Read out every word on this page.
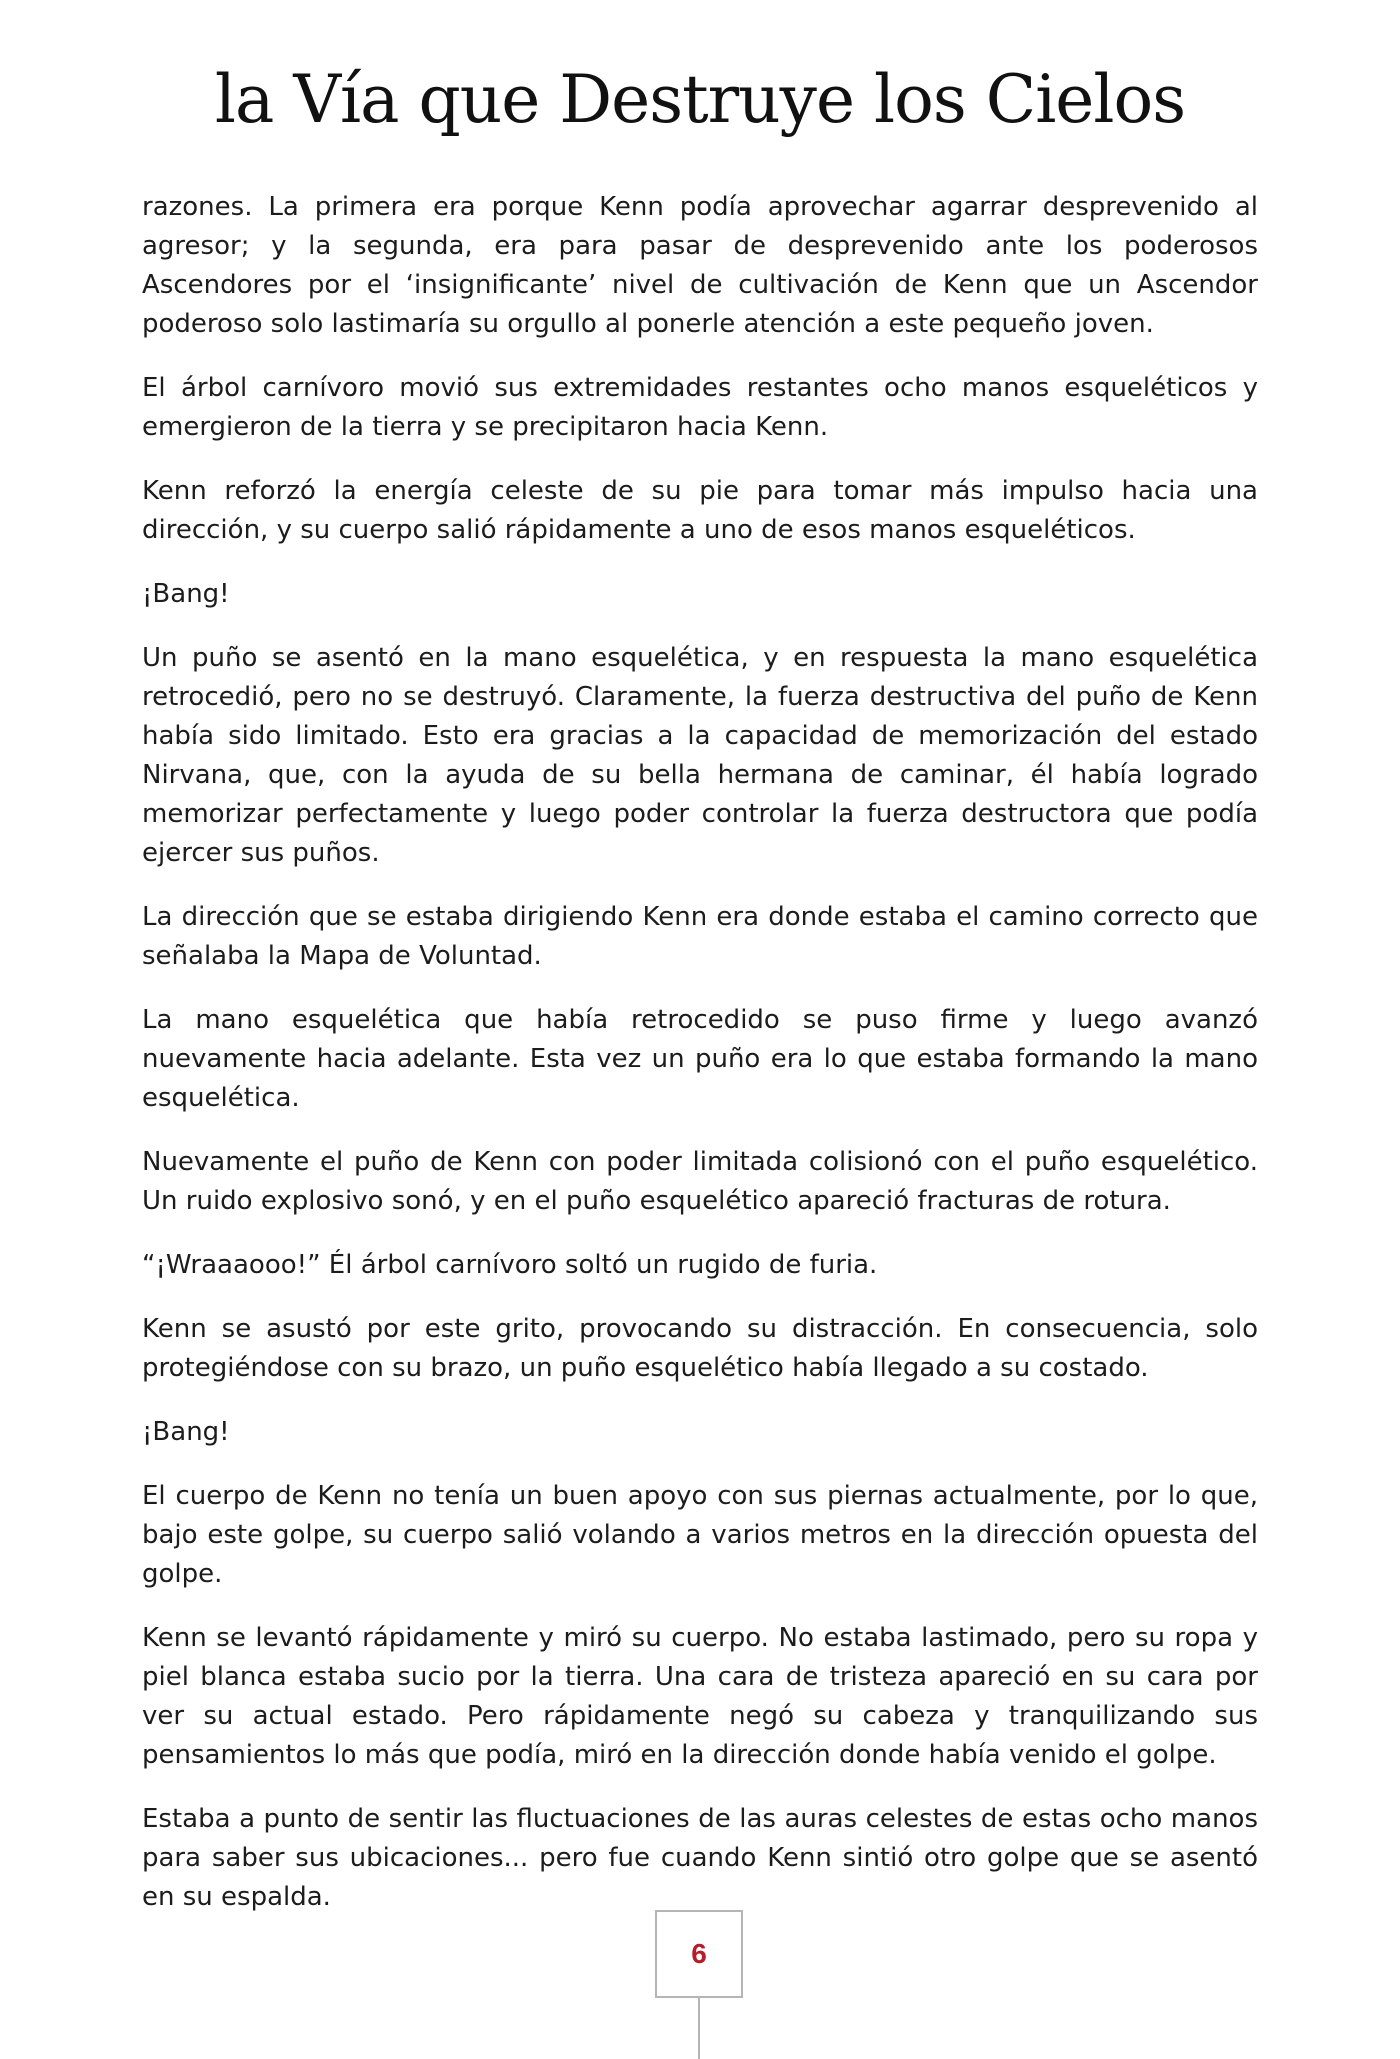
la Vía que Destruye los Cielos

razones. La primera era porque Kenn podía aprovechar agarrar desprevenido al agresor; y la segunda, era para pasar de desprevenido ante los poderosos Ascendores por el ‘insignificante’ nivel de cultivación de Kenn que un Ascendor poderoso solo lastimaría su orgullo al ponerle atención a este pequeño joven.

El árbol carnívoro movió sus extremidades restantes ocho manos esqueléticos y emergieron de la tierra y se precipitaron hacia Kenn.

Kenn reforzó la energía celeste de su pie para tomar más impulso hacia una dirección, y su cuerpo salió rápidamente a uno de esos manos esqueléticos.

¡Bang!

Un puño se asentó en la mano esquelética, y en respuesta la mano esquelética retrocedió, pero no se destruyó. Claramente, la fuerza destructiva del puño de Kenn había sido limitado. Esto era gracias a la capacidad de memorización del estado Nirvana, que, con la ayuda de su bella hermana de caminar, él había logrado memorizar perfectamente y luego poder controlar la fuerza destructora que podía ejercer sus puños.

La dirección que se estaba dirigiendo Kenn era donde estaba el camino correcto que señalaba la Mapa de Voluntad.

La mano esquelética que había retrocedido se puso firme y luego avanzó nuevamente hacia adelante. Esta vez un puño era lo que estaba formando la mano esquelética.

Nuevamente el puño de Kenn con poder limitada colisionó con el puño esquelético. Un ruido explosivo sonó, y en el puño esquelético apareció fracturas de rotura.

“¡Wraaaooo!” Él árbol carnívoro soltó un rugido de furia.

Kenn se asustó por este grito, provocando su distracción. En consecuencia, solo protegiéndose con su brazo, un puño esquelético había llegado a su costado.

¡Bang!

El cuerpo de Kenn no tenía un buen apoyo con sus piernas actualmente, por lo que, bajo este golpe, su cuerpo salió volando a varios metros en la dirección opuesta del golpe.

Kenn se levantó rápidamente y miró su cuerpo. No estaba lastimado, pero su ropa y piel blanca estaba sucio por la tierra. Una cara de tristeza apareció en su cara por ver su actual estado. Pero rápidamente negó su cabeza y tranquilizando sus pensamientos lo más que podía, miró en la dirección donde había venido el golpe.

Estaba a punto de sentir las fluctuaciones de las auras celestes de estas ocho manos para saber sus ubicaciones... pero fue cuando Kenn sintió otro golpe que se asentó en su espalda.

6
